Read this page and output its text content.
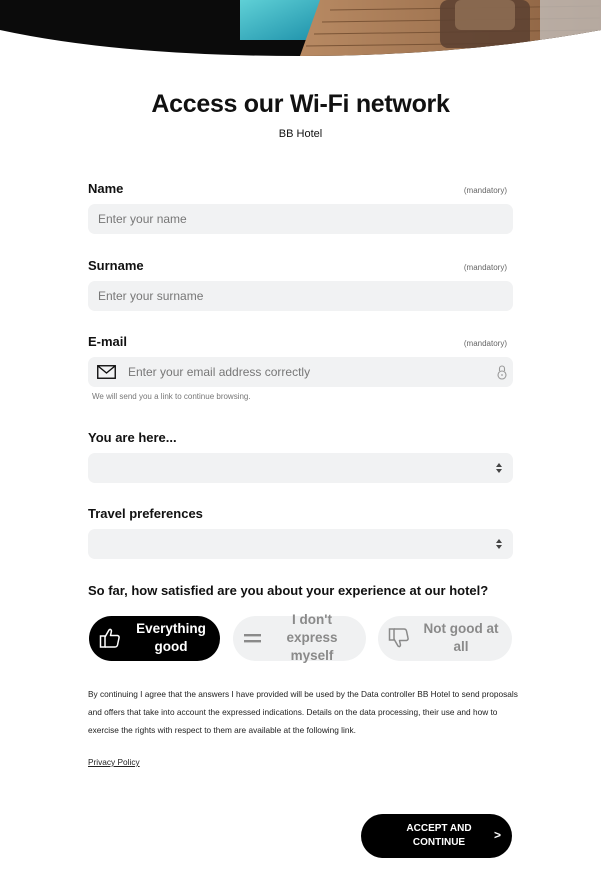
Access our Wi-Fi network
BB Hotel
Name	(mandatory)
Enter your name
Surname	(mandatory)
Enter your surname
E-mail	(mandatory)
Enter your email address correctly
We will send you a link to continue browsing.
You are here...
Travel preferences
So far, how satisfied are you about your experience at our hotel?
Everything good
I don't express myself
Not good at all
By continuing I agree that the answers I have provided will be used by the Data controller BB Hotel to send proposals and offers that take into account the expressed indications. Details on the data processing, their use and how to exercise the rights with respect to them are available at the following link.
Privacy Policy
ACCEPT AND CONTINUE
>
